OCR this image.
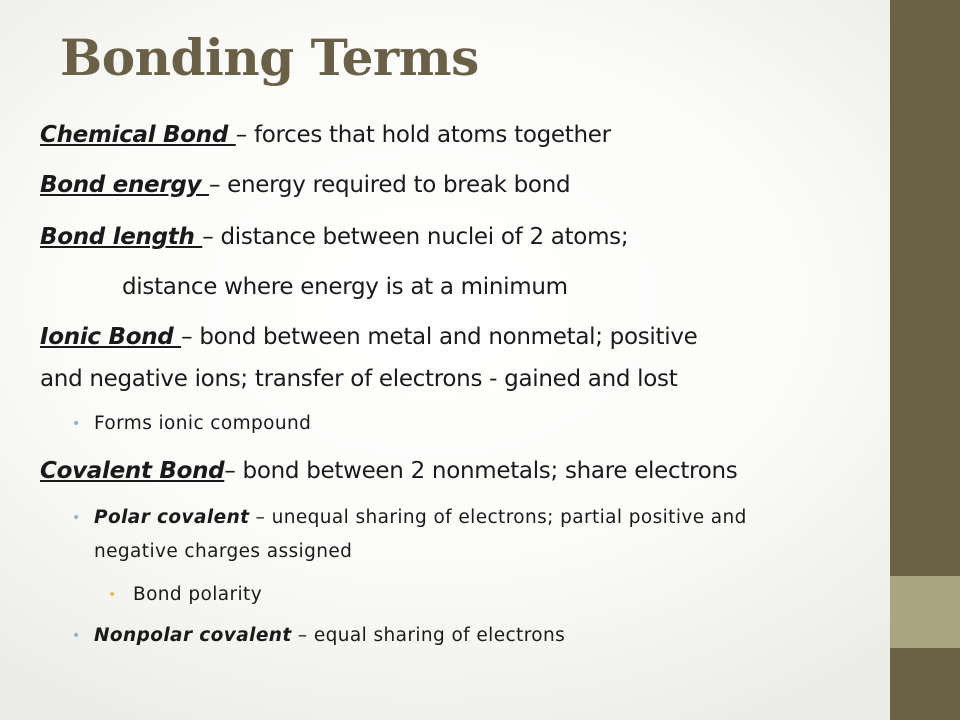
Bonding Terms
Chemical Bond – forces that hold atoms together
Bond energy – energy required to break bond
Bond length – distance between nuclei of 2 atoms;
distance where energy is at a minimum
Ionic Bond – bond between metal and nonmetal; positive
and negative ions; transfer of electrons - gained and lost
• Forms ionic compound
Covalent Bond– bond between 2 nonmetals; share electrons
• Polar covalent – unequal sharing of electrons; partial positive and
negative charges assigned
• Bond polarity
• Nonpolar covalent – equal sharing of electrons
